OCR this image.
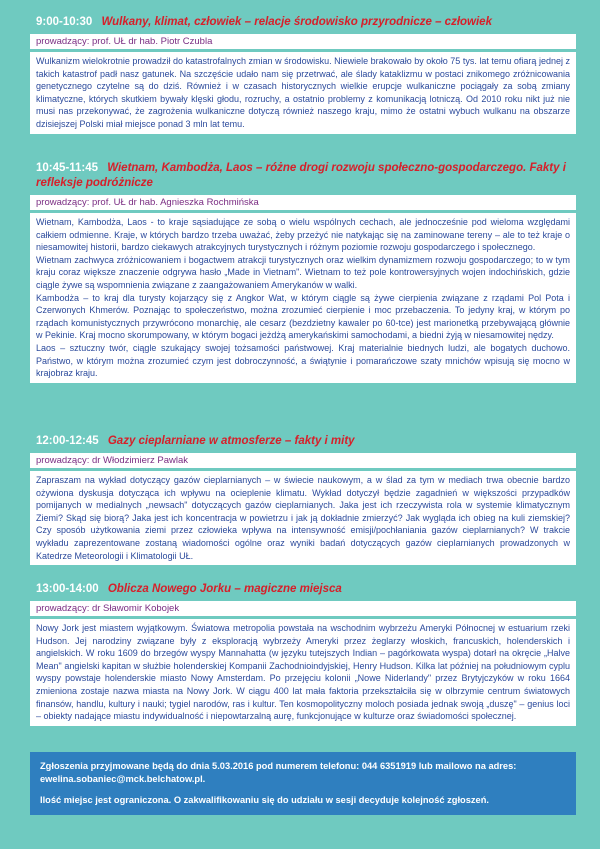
9:00-10:30 Wulkany, klimat, człowiek – relacje środowisko przyrodnicze – człowiek
prowadzący: prof. UŁ dr hab. Piotr Czubla

Wulkanizm wielokrotnie prowadził do katastrofalnych zmian w środowisku. Niewiele brakowało by około 75 tys. lat temu ofiarą jednej z takich katastrof padł nasz gatunek. Na szczęście udało nam się przetrwać, ale ślady kataklizmu w postaci znikomego zróżnicowania genetycznego czytelne są do dziś. Również i w czasach historycznych wielkie erupcje wulkaniczne pociągały za sobą zmiany klimatyczne, których skutkiem bywały klęski głodu, rozruchy, a ostatnio problemy z komunikacją lotniczą. Od 2010 roku nikt już nie musi nas przekonywać, że zagrożenia wulkaniczne dotyczą również naszego kraju, mimo że ostatni wybuch wulkanu na obszarze dzisiejszej Polski miał miejsce ponad 3 mln lat temu.

10:45-11:45 Wietnam, Kambodża, Laos – różne drogi rozwoju społeczno-gospodarczego. Fakty i refleksje podróżnicze
prowadzący: prof. UŁ dr hab. Agnieszka Rochmińska

Wietnam, Kambodża, Laos - to kraje sąsiadujące ze sobą o wielu wspólnych cechach, ale jednocześnie pod wieloma względami całkiem odmienne. Kraje, w których bardzo trzeba uważać, żeby przeżyć nie natykając się na zaminowane tereny – ale to też kraje o niesamowitej historii, bardzo ciekawych atrakcyjnych turystycznych i różnym poziomie rozwoju gospodarczego i społecznego.

Wietnam zachwyca zróżnicowaniem i bogactwem atrakcji turystycznych oraz wielkim dynamizmem rozwoju gospodarczego; to w tym kraju coraz większe znaczenie odgrywa hasło „Made in Vietnam". Wietnam to też pole kontrowersyjnych wojen indochińskich, gdzie ciągle żywe są wspomnienia związane z zaangażowaniem Amerykanów w walki.

Kambodża – to kraj dla turysty kojarzący się z Angkor Wat, w którym ciągle są żywe cierpienia związane z rządami Pol Pota i Czerwonych Khmerów. Poznając to społeczeństwo, można zrozumieć cierpienie i moc przebaczenia. To jedyny kraj, w którym po rządach komunistycznych przywrócono monarchię, ale cesarz (bezdzietny kawaler po 60-tce) jest marionetką przebywającą głównie w Pekinie. Kraj mocno skorumpowany, w którym bogaci jeżdżą amerykańskimi samochodami, a biedni żyją w niesamowitej nędzy.

Laos – sztuczny twór, ciągle szukający swojej tożsamości państwowej. Kraj materialnie biednych ludzi, ale bogatych duchowo. Państwo, w którym można zrozumieć czym jest dobroczynność, a świątynie i pomarańczowe szaty mnichów wpisują się mocno w krajobraz kraju.

12:00-12:45 Gazy cieplarniane w atmosferze – fakty i mity
prowadzący: dr Włodzimierz Pawlak

Zapraszam na wykład dotyczący gazów cieplarnianych – w świecie naukowym, a w ślad za tym w mediach trwa obecnie bardzo ożywiona dyskusja dotycząca ich wpływu na ocieplenie klimatu. Wykład dotyczył będzie zagadnień w większości przypadków pomijanych w medialnych „newsach" dotyczących gazów cieplarnianych. Jaka jest ich rzeczywista rola w systemie klimatycznym Ziemi? Skąd się biorą? Jaka jest ich koncentracja w powietrzu i jak ją dokładnie zmierzyć? Jak wygląda ich obieg na kuli ziemskiej? Czy sposób użytkowania ziemi przez człowieka wpływa na intensywność emisji/pochłaniania gazów cieplarnianych? W trakcie wykładu zaprezentowane zostaną wiadomości ogólne oraz wyniki badań dotyczących gazów cieplarnianych prowadzonych w Katedrze Meteorologii i Klimatologii UŁ.

13:00-14:00 Oblicza Nowego Jorku – magiczne miejsca
prowadzący: dr Sławomir Kobojek

Nowy Jork jest miastem wyjątkowym. Światowa metropolia powstała na wschodnim wybrzeżu Ameryki Północnej w estuarium rzeki Hudson. Jej narodziny związane były z eksploracją wybrzeży Ameryki przez żeglarzy włoskich, francuskich, holenderskich i angielskich. W roku 1609 do brzegów wyspy Mannahatta (w języku tutejszych Indian – pagórkowata wyspa) dotarł na okręcie „Halve Mean" angielski kapitan w służbie holenderskiej Kompanii Zachodnioindyjskiej, Henry Hudson. Kilka lat później na południowym cyplu wyspy powstaje holenderskie miasto Nowy Amsterdam. Po przejęciu kolonii „Nowe Niderlandy" przez Brytyjczyków w roku 1664 zmieniona zostaje nazwa miasta na Nowy Jork. W ciągu 400 lat mała faktoria przekształciła się w olbrzymie centrum światowych finansów, handlu, kultury i nauki; tygiel narodów, ras i kultur. Ten kosmopolityczny moloch posiada jednak swoją „duszę" – genius loci – obiekty nadające miastu indywidualność i niepowtarzalną aurę, funkcjonujące w kulturze oraz świadomości społecznej.

Zgłoszenia przyjmowane będą do dnia 5.03.2016 pod numerem telefonu: 044 6351919 lub mailowo na adres: ewelina.sobaniec@mck.belchatow.pl.

Ilość miejsc jest ograniczona. O zakwalifikowaniu się do udziału w sesji decyduje kolejność zgłoszeń.
